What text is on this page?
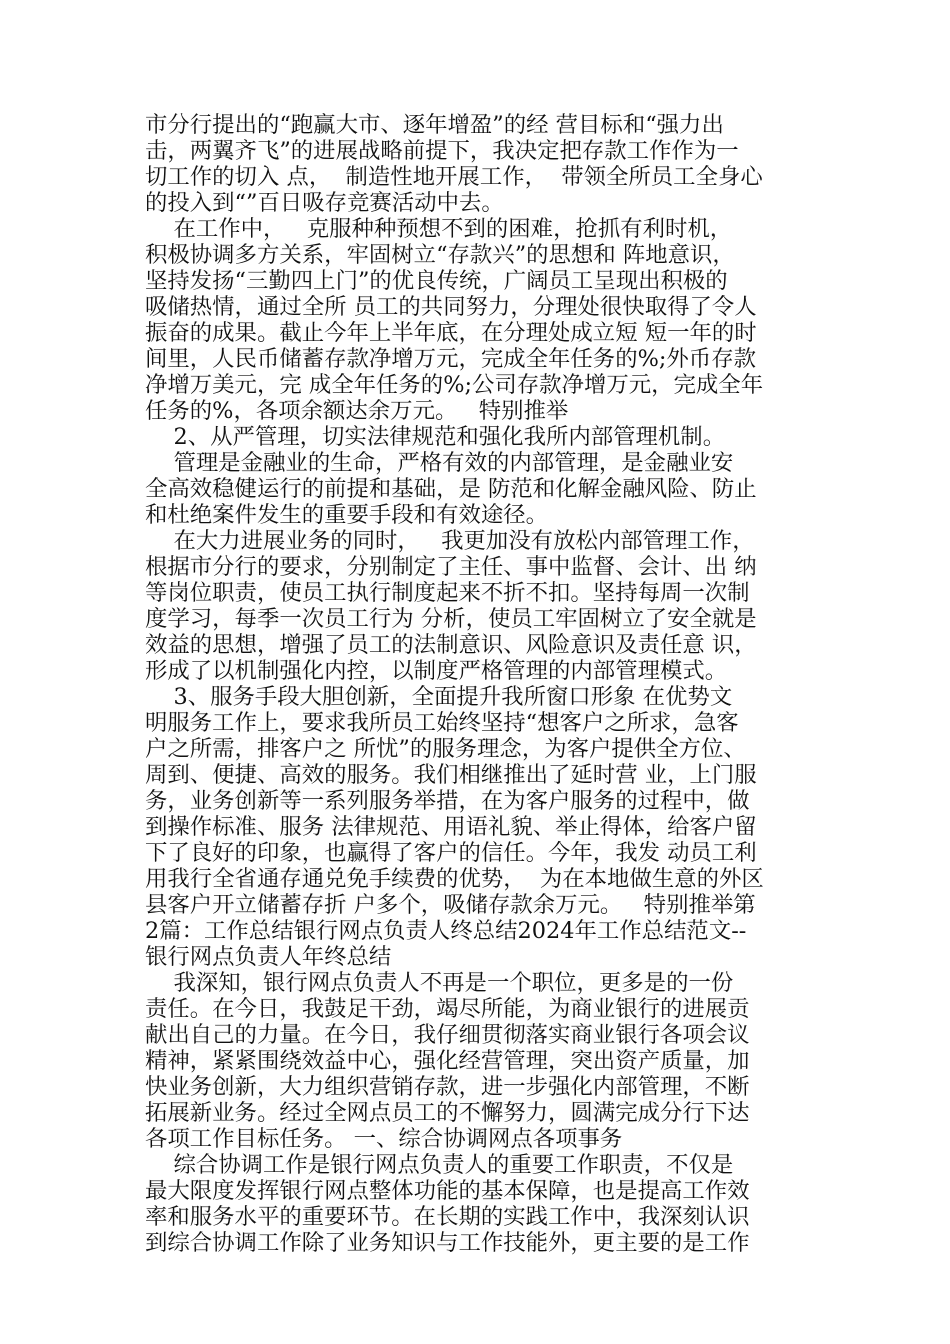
市分行提出的“跑赢大市、逐年增盈”的经 营目标和“强力出
击，两翼齐飞”的进展战略前提下，我决定把存款工作作为一
切工作的切入 点，  制造性地开展工作，  带领全所员工全身心
的投入到“”百日吸存竞赛活动中去。
在工作中，   克服种种预想不到的困难，抢抓有利时机，
积极协调多方关系，牢固树立“存款兴”的思想和 阵地意识，
坚持发扬“三勤四上门”的优良传统，广阔员工呈现出积极的
吸储热情，通过全所 员工的共同努力，分理处很快取得了令人
振奋的成果。截止今年上半年底，在分理处成立短 短一年的时
间里，人民币储蓄存款净增万元，完成全年任务的%;外币存款
净增万美元，完 成全年任务的%;公司存款净增万元，完成全年
任务的%，各项余额达余万元。   特别推举
2、从严管理，切实法律规范和强化我所内部管理机制。
管理是金融业的生命，严格有效的内部管理，是金融业安
全高效稳健运行的前提和基础，是 防范和化解金融风险、防止
和杜绝案件发生的重要手段和有效途径。
在大力进展业务的同时，   我更加没有放松内部管理工作，
根据市分行的要求，分别制定了主任、事中监督、会计、出 纳
等岗位职责，使员工执行制度起来不折不扣。坚持每周一次制
度学习，每季一次员工行为 分析，使员工牢固树立了安全就是
效益的思想，增强了员工的法制意识、风险意识及责任意 识，
形成了以机制强化内控，以制度严格管理的内部管理模式。
3、服务手段大胆创新，全面提升我所窗口形象 在优势文
明服务工作上，要求我所员工始终坚持“想客户之所求，急客
户之所需，排客户之 所忧”的服务理念，为客户提供全方位、
周到、便捷、高效的服务。我们相继推出了延时营 业，上门服
务，业务创新等一系列服务举措，在为客户服务的过程中，做
到操作标准、服务 法律规范、用语礼貌、举止得体，给客户留
下了良好的印象，也赢得了客户的信任。今年，我发 动员工利
用我行全省通存通兑免手续费的优势，  为在本地做生意的外区
县客户开立储蓄存折 户多个，吸储存款余万元。   特别推举第
2篇：工作总结银行网点负责人终总结2024年工作总结范文--
银行网点负责人年终总结
我深知，银行网点负责人不再是一个职位，更多是的一份
责任。在今日，我鼓足干劲，竭尽所能，为商业银行的进展贡
献出自己的力量。在今日，我仔细贯彻落实商业银行各项会议
精神，紧紧围绕效益中心，强化经营管理，突出资产质量，加
快业务创新，大力组织营销存款，进一步强化内部管理，不断
拓展新业务。经过全网点员工的不懈努力，圆满完成分行下达
各项工作目标任务。 一、综合协调网点各项事务
综合协调工作是银行网点负责人的重要工作职责，不仅是
最大限度发挥银行网点整体功能的基本保障，也是提高工作效
率和服务水平的重要环节。在长期的实践工作中，我深刻认识
到综合协调工作除了业务知识与工作技能外，更主要的是工作
